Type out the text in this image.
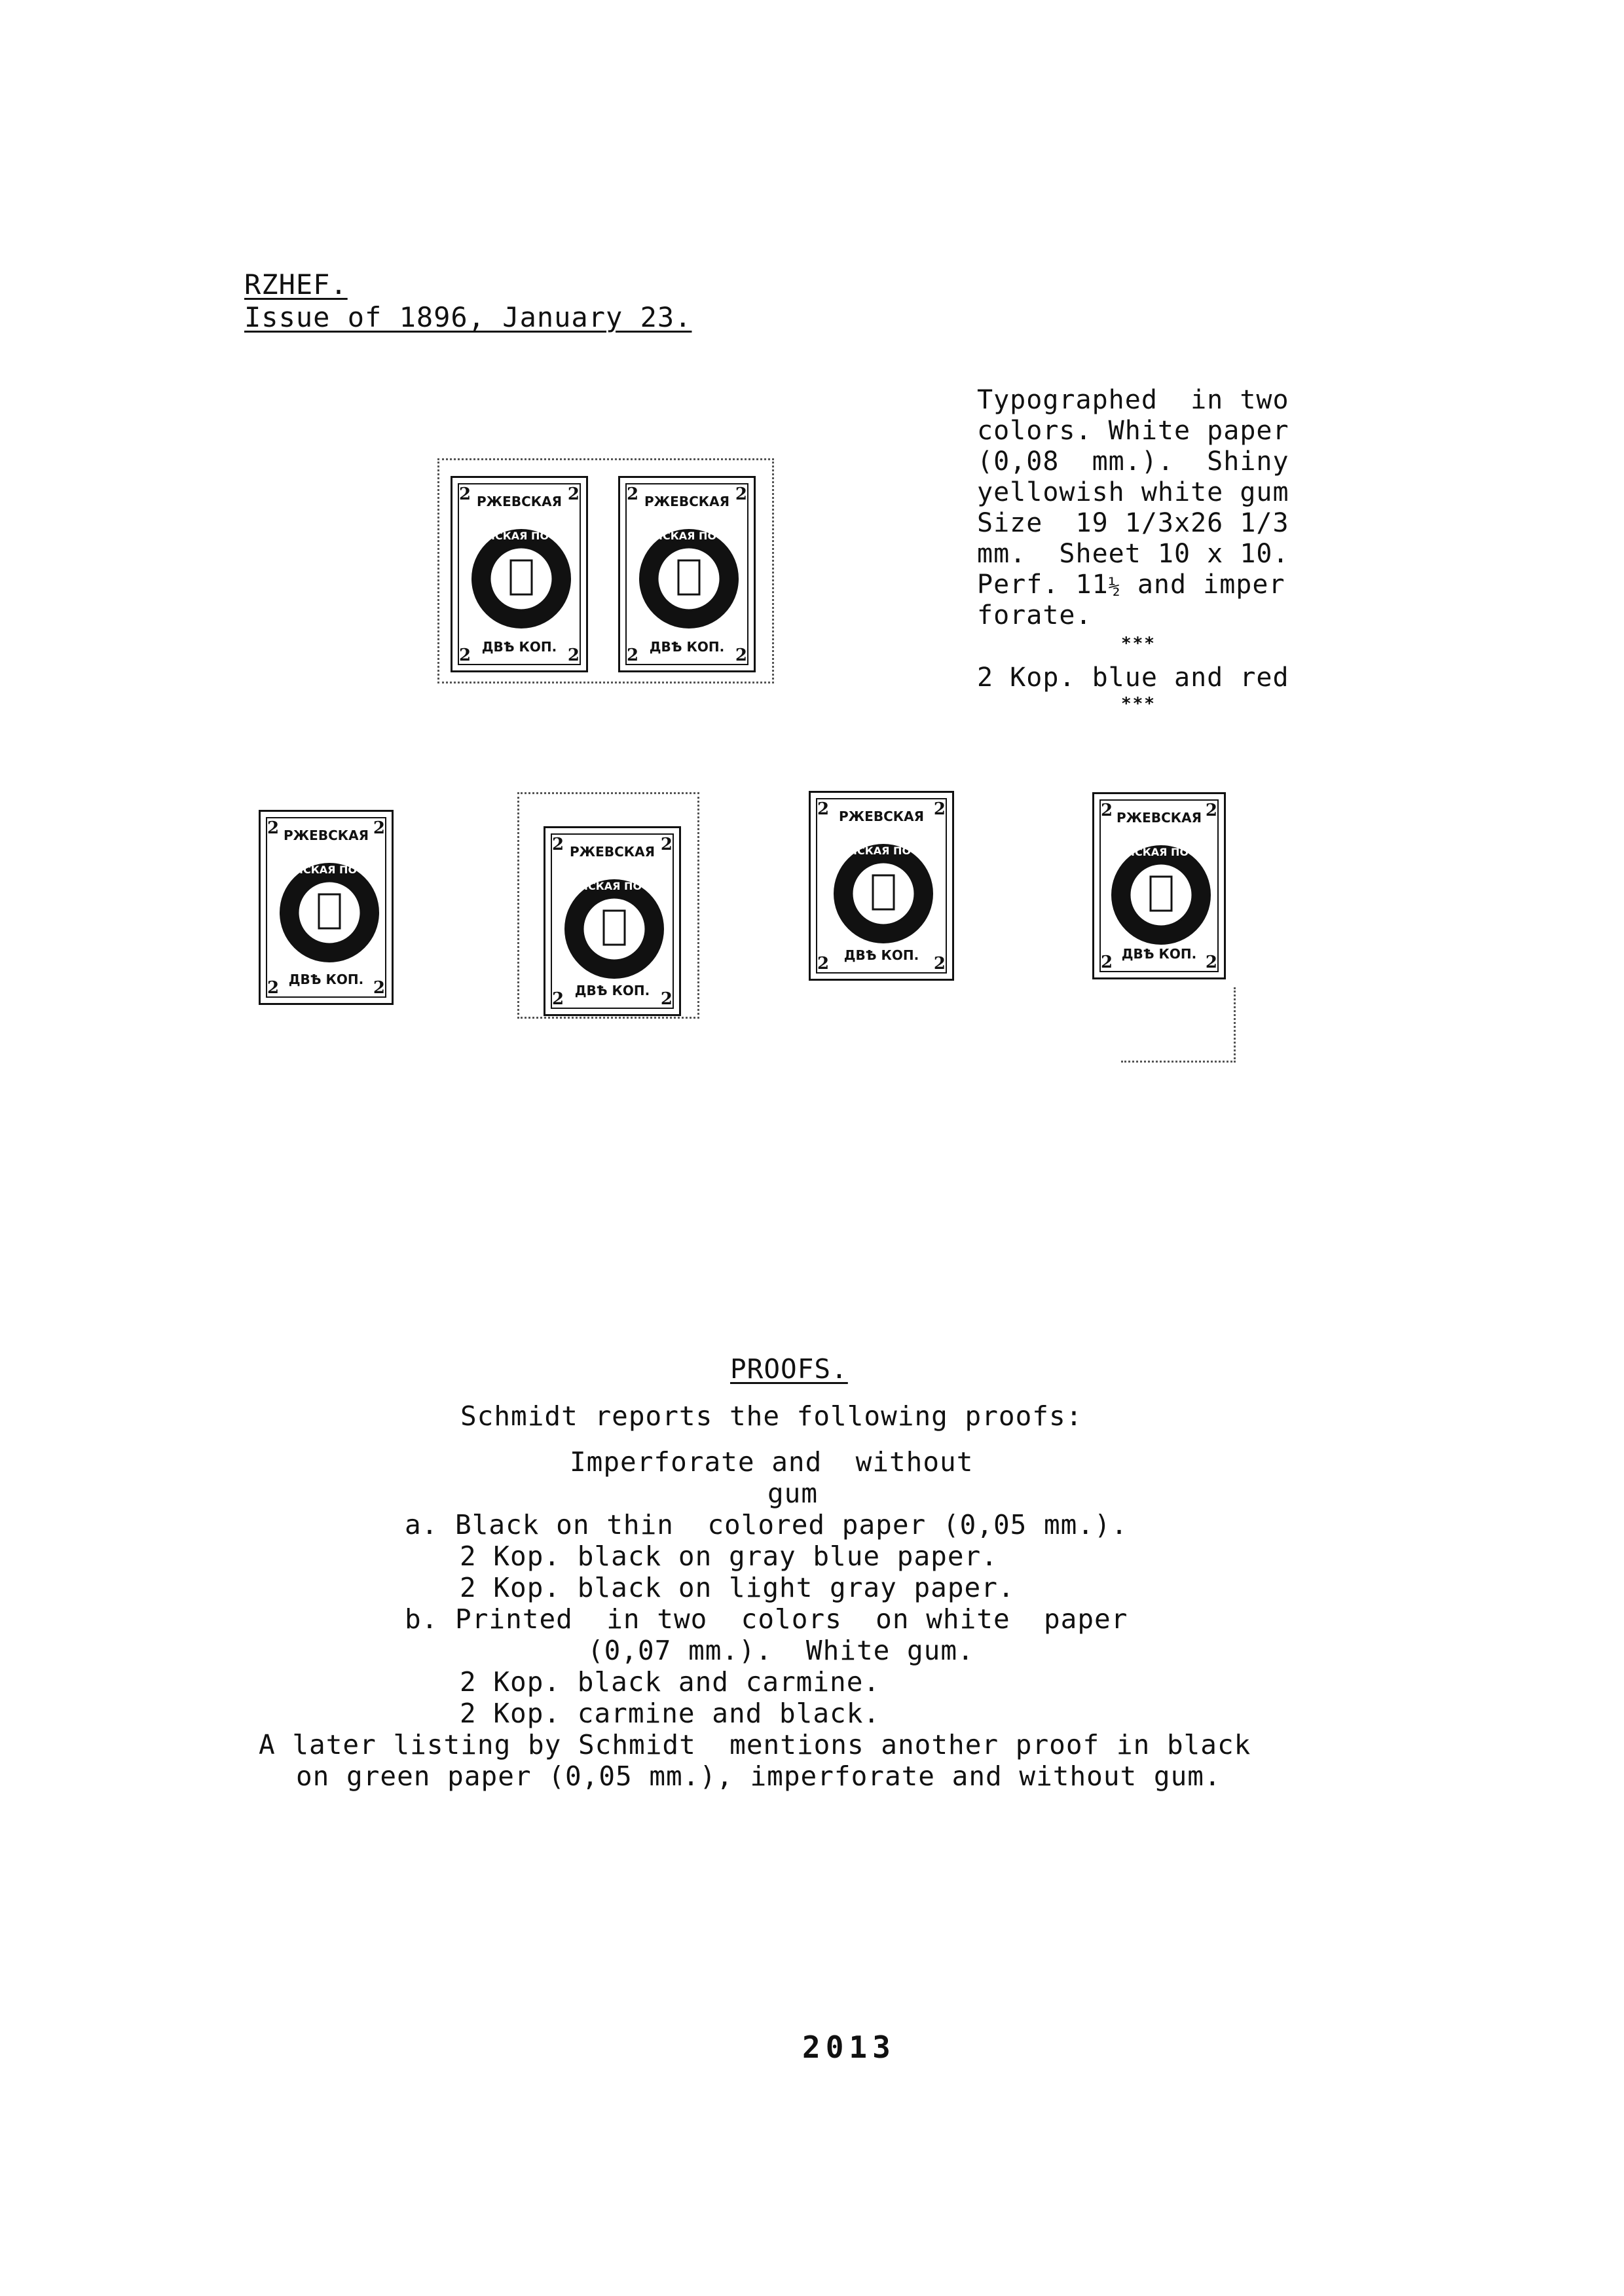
RZHEF.
Issue of 1896, January 23.
Typographed  in two
colors. White paper
(0,08  mm.).  Shiny
yellowish white gum
Size  19 1/3x26 1/3
mm.  Sheet 10 x 10.
Perf. 11½ and imper
forate.
***
2 Kop. blue and red
***
2	2
РЖЕВСКАЯ
ЗЕМСКАЯ ПОЧТА
ДВѢ КОП.
2	2
2	2
РЖЕВСКАЯ
ЗЕМСКАЯ ПОЧТА
ДВѢ КОП.
2	2
2	2
РЖЕВСКАЯ
ЗЕМСКАЯ ПОЧТА
ДВѢ КОП.
2	2
2	2
РЖЕВСКАЯ
ЗЕМСКАЯ ПОЧТА
ДВѢ КОП.
2	2
2	2
РЖЕВСКАЯ
ЗЕМСКАЯ ПОЧТА
ДВѢ КОП.
2	2
2	2
РЖЕВСКАЯ
ЗЕМСКАЯ ПОЧТА
ДВѢ КОП.
2	2
PROOFS.
Schmidt reports the following proofs:
Imperforate and  without
gum
a. Black on thin  colored paper (0,05 mm.).
2 Kop. black on gray blue paper.
2 Kop. black on light gray paper.
b. Printed  in two  colors  on white  paper
(0,07 mm.).  White gum.
2 Kop. black and carmine.
2 Kop. carmine and black.
A later listing by Schmidt  mentions another proof in black
on green paper (0,05 mm.), imperforate and without gum.
2013
